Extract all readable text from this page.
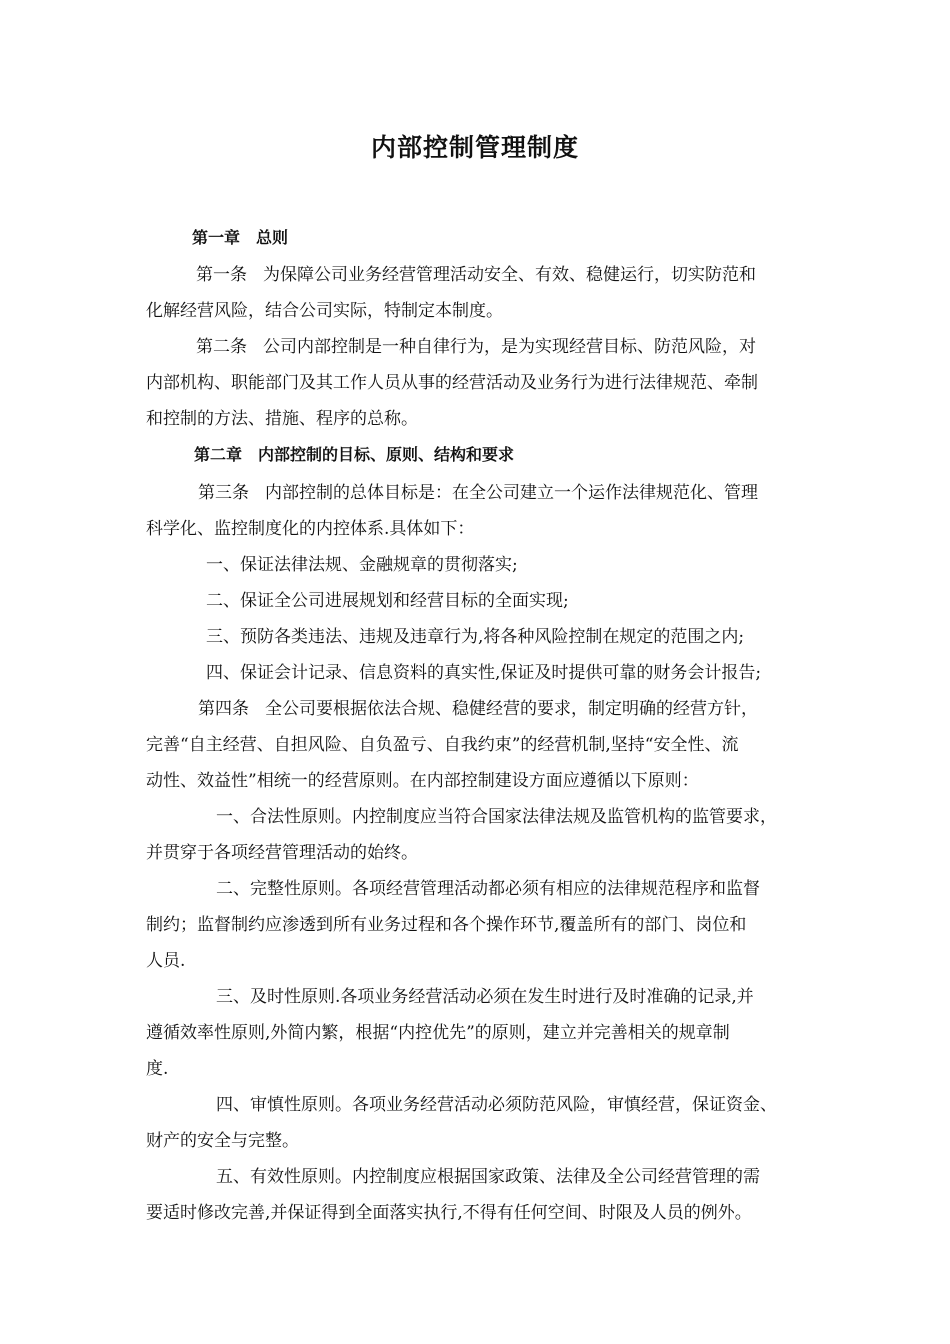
内部控制管理制度
第一章 总则
第一条 为保障公司业务经营管理活动安全、有效、稳健运行，切实防范和
化解经营风险，结合公司实际，特制定本制度。
第二条 公司内部控制是一种自律行为，是为实现经营目标、防范风险，对
内部机构、职能部门及其工作人员从事的经营活动及业务行为进行法律规范、牵制
和控制的方法、措施、程序的总称。
第二章 内部控制的目标、原则、结构和要求
第三条 内部控制的总体目标是：在全公司建立一个运作法律规范化、管理
科学化、监控制度化的内控体系.具体如下：
一、保证法律法规、金融规章的贯彻落实;
二、保证全公司进展规划和经营目标的全面实现;
三、预防各类违法、违规及违章行为,将各种风险控制在规定的范围之内;
四、保证会计记录、信息资料的真实性,保证及时提供可靠的财务会计报告;
第四条 全公司要根据依法合规、稳健经营的要求，制定明确的经营方针，
完善“自主经营、自担风险、自负盈亏、自我约束”的经营机制,坚持“安全性、流
动性、效益性”相统一的经营原则。在内部控制建设方面应遵循以下原则：
一、合法性原则。内控制度应当符合国家法律法规及监管机构的监管要求，
并贯穿于各项经营管理活动的始终。
二、完整性原则。各项经营管理活动都必须有相应的法律规范程序和监督
制约；监督制约应渗透到所有业务过程和各个操作环节,覆盖所有的部门、岗位和
人员.
三、及时性原则.各项业务经营活动必须在发生时进行及时准确的记录,并
遵循效率性原则,外简内繁，根据“内控优先”的原则，建立并完善相关的规章制
度.
四、审慎性原则。各项业务经营活动必须防范风险，审慎经营，保证资金、
财产的安全与完整。
五、有效性原则。内控制度应根据国家政策、法律及全公司经营管理的需
要适时修改完善,并保证得到全面落实执行,不得有任何空间、时限及人员的例外。
